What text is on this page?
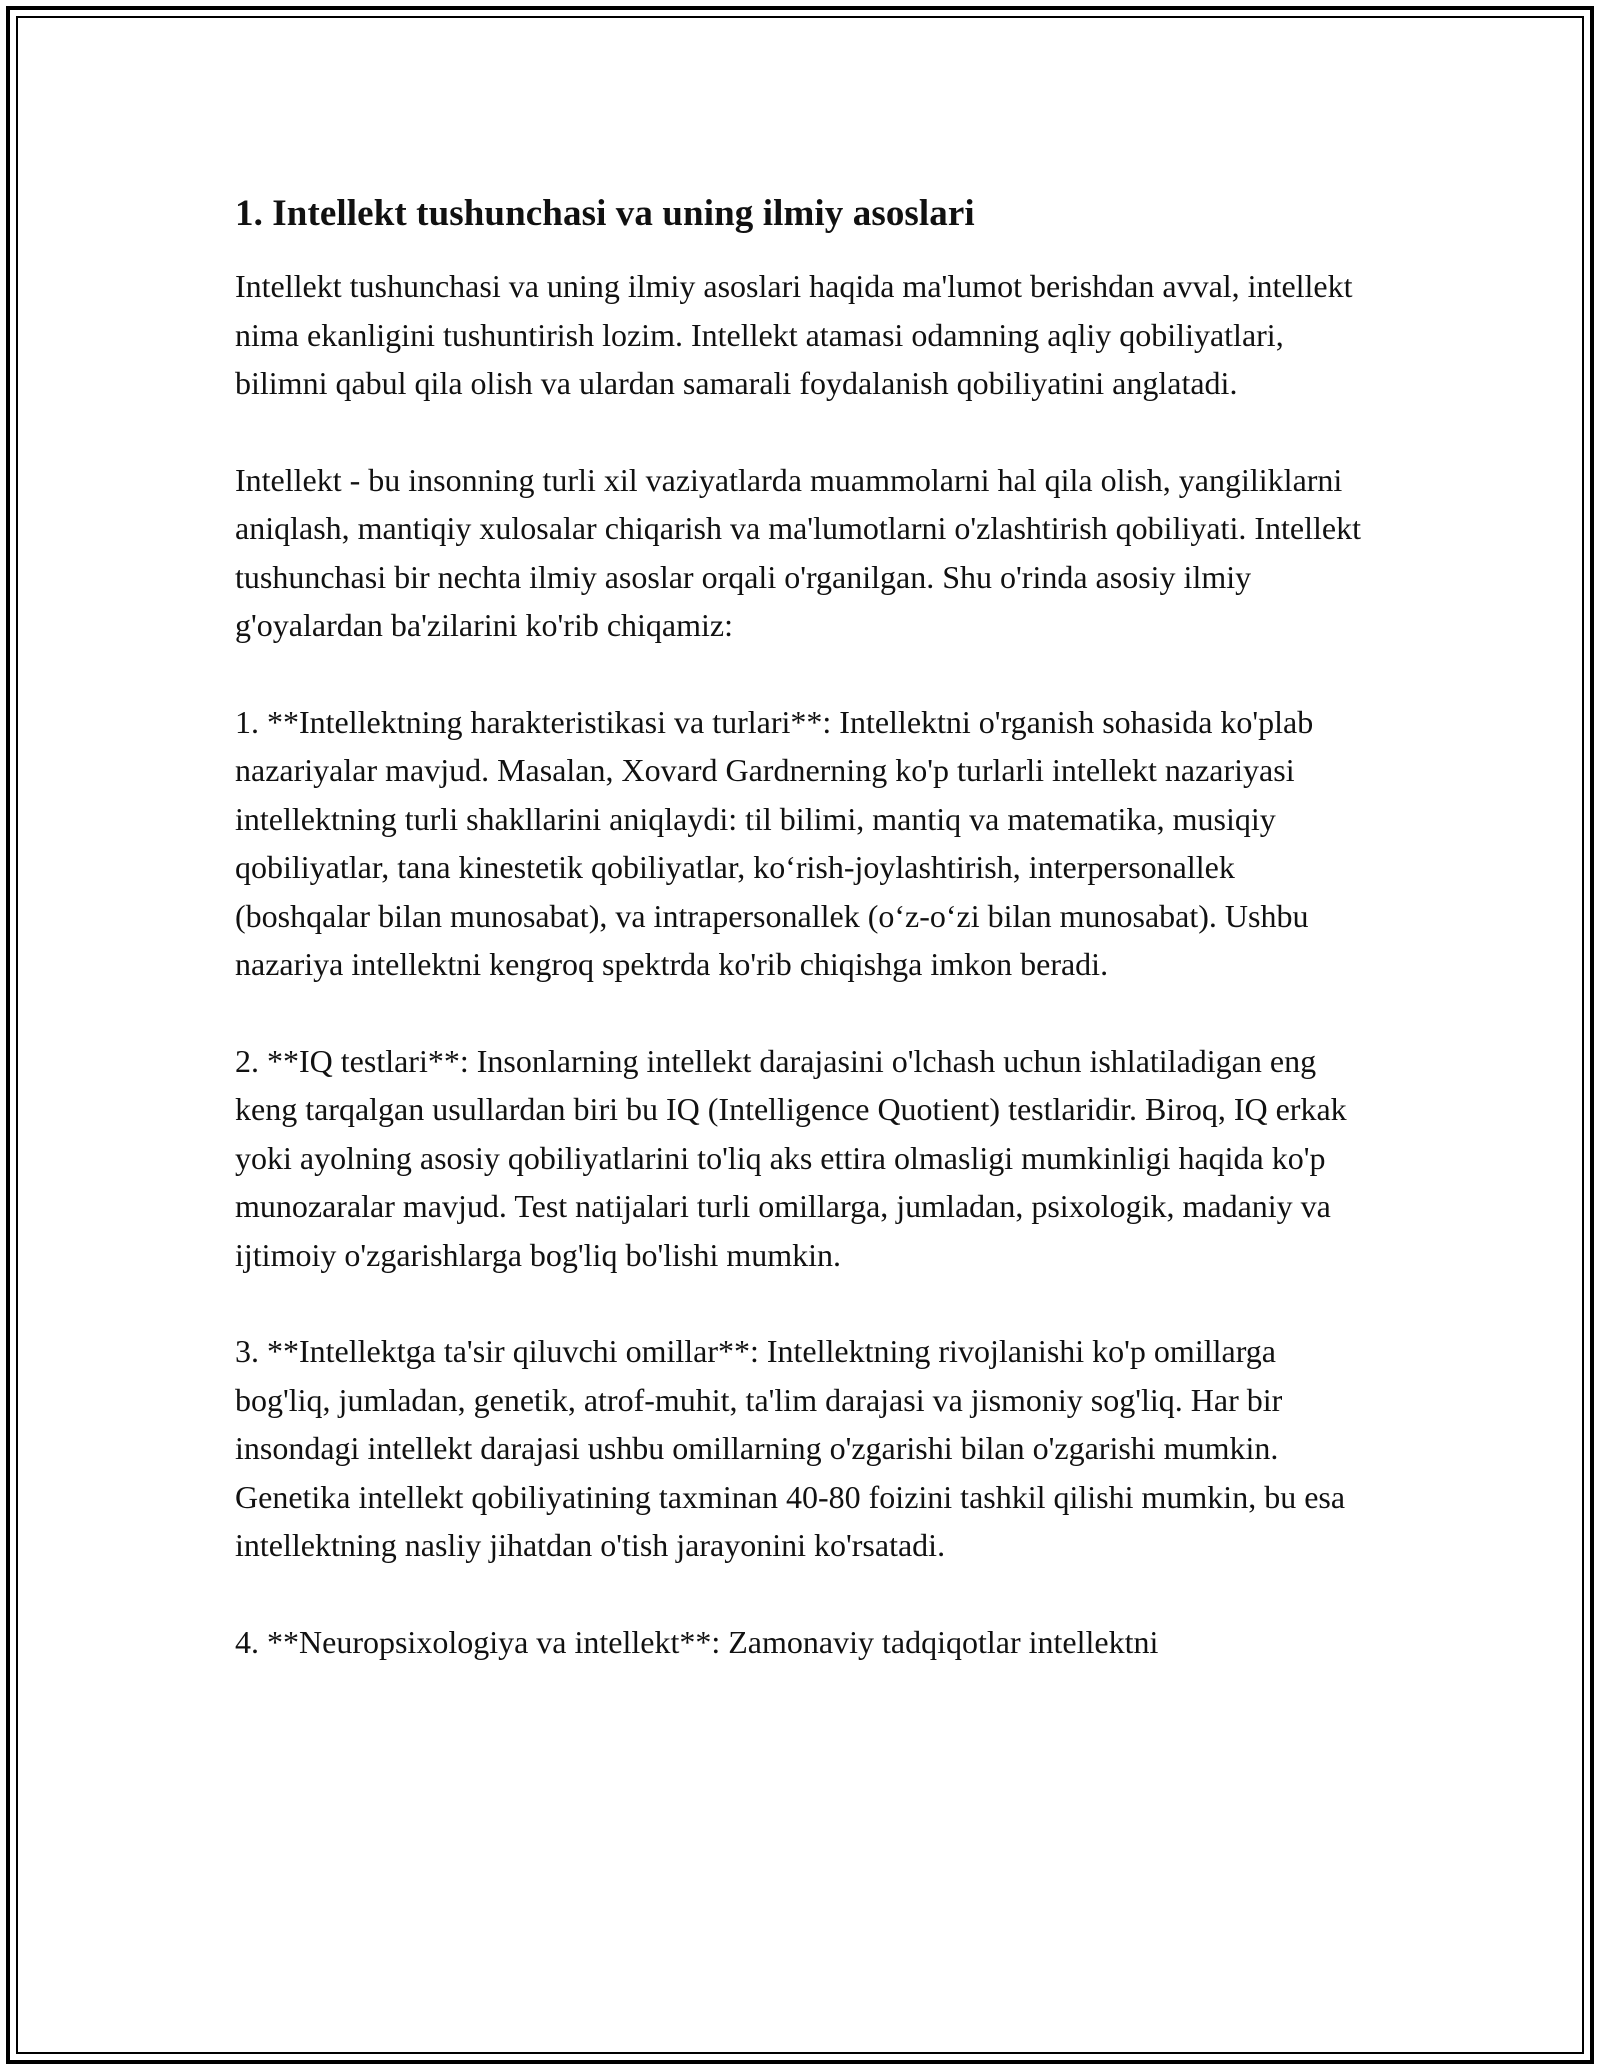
1. Intellekt tushunchasi va uning ilmiy asoslari

Intellekt tushunchasi va uning ilmiy asoslari haqida ma'lumot berishdan avval, intellekt nima ekanligini tushuntirish lozim. Intellekt atamasi odamning aqliy qobiliyatlari, bilimni qabul qila olish va ulardan samarali foydalanish qobiliyatini anglatadi.

Intellekt - bu insonning turli xil vaziyatlarda muammolarni hal qila olish, yangiliklarni aniqlash, mantiqiy xulosalar chiqarish va ma'lumotlarni o'zlashtirish qobiliyati. Intellekt tushunchasi bir nechta ilmiy asoslar orqali o'rganilgan. Shu o'rinda asosiy ilmiy g'oyalardan ba'zilarini ko'rib chiqamiz:

1. **Intellektning harakteristikasi va turlari**: Intellektni o'rganish sohasida ko'plab nazariyalar mavjud. Masalan, Xovard Gardnerning ko'p turlarli intellekt nazariyasi intellektning turli shakllarini aniqlaydi: til bilimi, mantiq va matematika, musiqiy qobiliyatlar, tana kinestetik qobiliyatlar, ko‘rish-joylashtirish, interpersonallek (boshqalar bilan munosabat), va intrapersonallek (o‘z-o‘zi bilan munosabat). Ushbu nazariya intellektni kengroq spektrda ko'rib chiqishga imkon beradi.

2. **IQ testlari**: Insonlarning intellekt darajasini o'lchash uchun ishlatiladigan eng keng tarqalgan usullardan biri bu IQ (Intelligence Quotient) testlaridir. Biroq, IQ erkak yoki ayolning asosiy qobiliyatlarini to'liq aks ettira olmasligi mumkinligi haqida ko'p munozaralar mavjud. Test natijalari turli omillarga, jumladan, psixologik, madaniy va ijtimoiy o'zgarishlarga bog'liq bo'lishi mumkin.

3. **Intellektga ta'sir qiluvchi omillar**: Intellektning rivojlanishi ko'p omillarga bog'liq, jumladan, genetik, atrof-muhit, ta'lim darajasi va jismoniy sog'liq. Har bir insondagi intellekt darajasi ushbu omillarning o'zgarishi bilan o'zgarishi mumkin. Genetika intellekt qobiliyatining taxminan 40-80 foizini tashkil qilishi mumkin, bu esa intellektning nasliy jihatdan o'tish jarayonini ko'rsatadi.

4. **Neuropsixologiya va intellekt**: Zamonaviy tadqiqotlar intellektni
